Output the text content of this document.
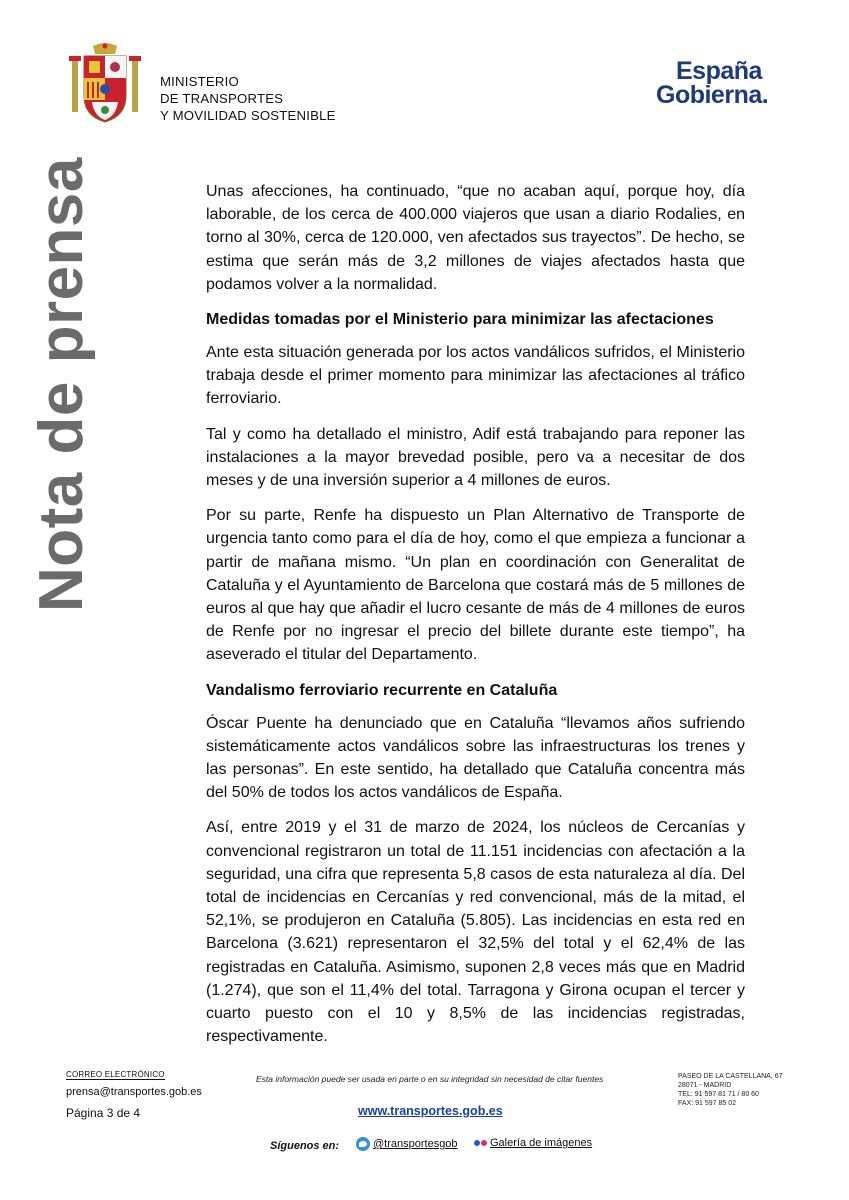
MINISTERIO
DE TRANSPORTES
Y MOVILIDAD SOSTENIBLE
España
Gobierna.
Nota de prensa	Unas afecciones, ha continuado, “que no acaban aquí, porque hoy, día laborable, de los cerca de 400.000 viajeros que usan a diario Rodalies, en torno al 30%, cerca de 120.000, ven afectados sus trayectos”. De hecho, se estima que serán más de 3,2 millones de viajes afectados hasta que podamos volver a la normalidad.

Medidas tomadas por el Ministerio para minimizar las afectaciones

Ante esta situación generada por los actos vandálicos sufridos, el Ministerio trabaja desde el primer momento para minimizar las afectaciones al tráfico ferroviario.

Tal y como ha detallado el ministro, Adif está trabajando para reponer las instalaciones a la mayor brevedad posible, pero va a necesitar de dos meses y de una inversión superior a 4 millones de euros.

Por su parte, Renfe ha dispuesto un Plan Alternativo de Transporte de urgencia tanto como para el día de hoy, como el que empieza a funcionar a partir de mañana mismo. “Un plan en coordinación con Generalitat de Cataluña y el Ayuntamiento de Barcelona que costará más de 5 millones de euros al que hay que añadir el lucro cesante de más de 4 millones de euros de Renfe por no ingresar el precio del billete durante este tiempo”, ha aseverado el titular del Departamento.

Vandalismo ferroviario recurrente en Cataluña

Óscar Puente ha denunciado que en Cataluña “llevamos años sufriendo sistemáticamente actos vandálicos sobre las infraestructuras los trenes y las personas”. En este sentido, ha detallado que Cataluña concentra más del 50% de todos los actos vandálicos de España.

Así, entre 2019 y el 31 de marzo de 2024, los núcleos de Cercanías y convencional registraron un total de 11.151 incidencias con afectación a la seguridad, una cifra que representa 5,8 casos de esta naturaleza al día. Del total de incidencias en Cercanías y red convencional, más de la mitad, el 52,1%, se produjeron en Cataluña (5.805). Las incidencias en esta red en Barcelona (3.621) representaron el 32,5% del total y el 62,4% de las registradas en Cataluña. Asimismo, suponen 2,8 veces más que en Madrid (1.274), que son el 11,4% del total. Tarragona y Girona ocupan el tercer y cuarto puesto con el 10 y 8,5% de las incidencias registradas, respectivamente.

CORREO ELECTRÓNICO
prensa@transportes.gob.es
Página 3 de 4
Esta información puede ser usada en parte o en su integridad sin necesidad de citar fuentes	PASEO DE LA CASTELLANA, 67
28071 - MADRID
TEL: 91 597 81 71 / 80 60
FAX: 91 597 85 02
www.transportes.gob.es
Síguenos en:	@transportesgob	Galería de imágenes
